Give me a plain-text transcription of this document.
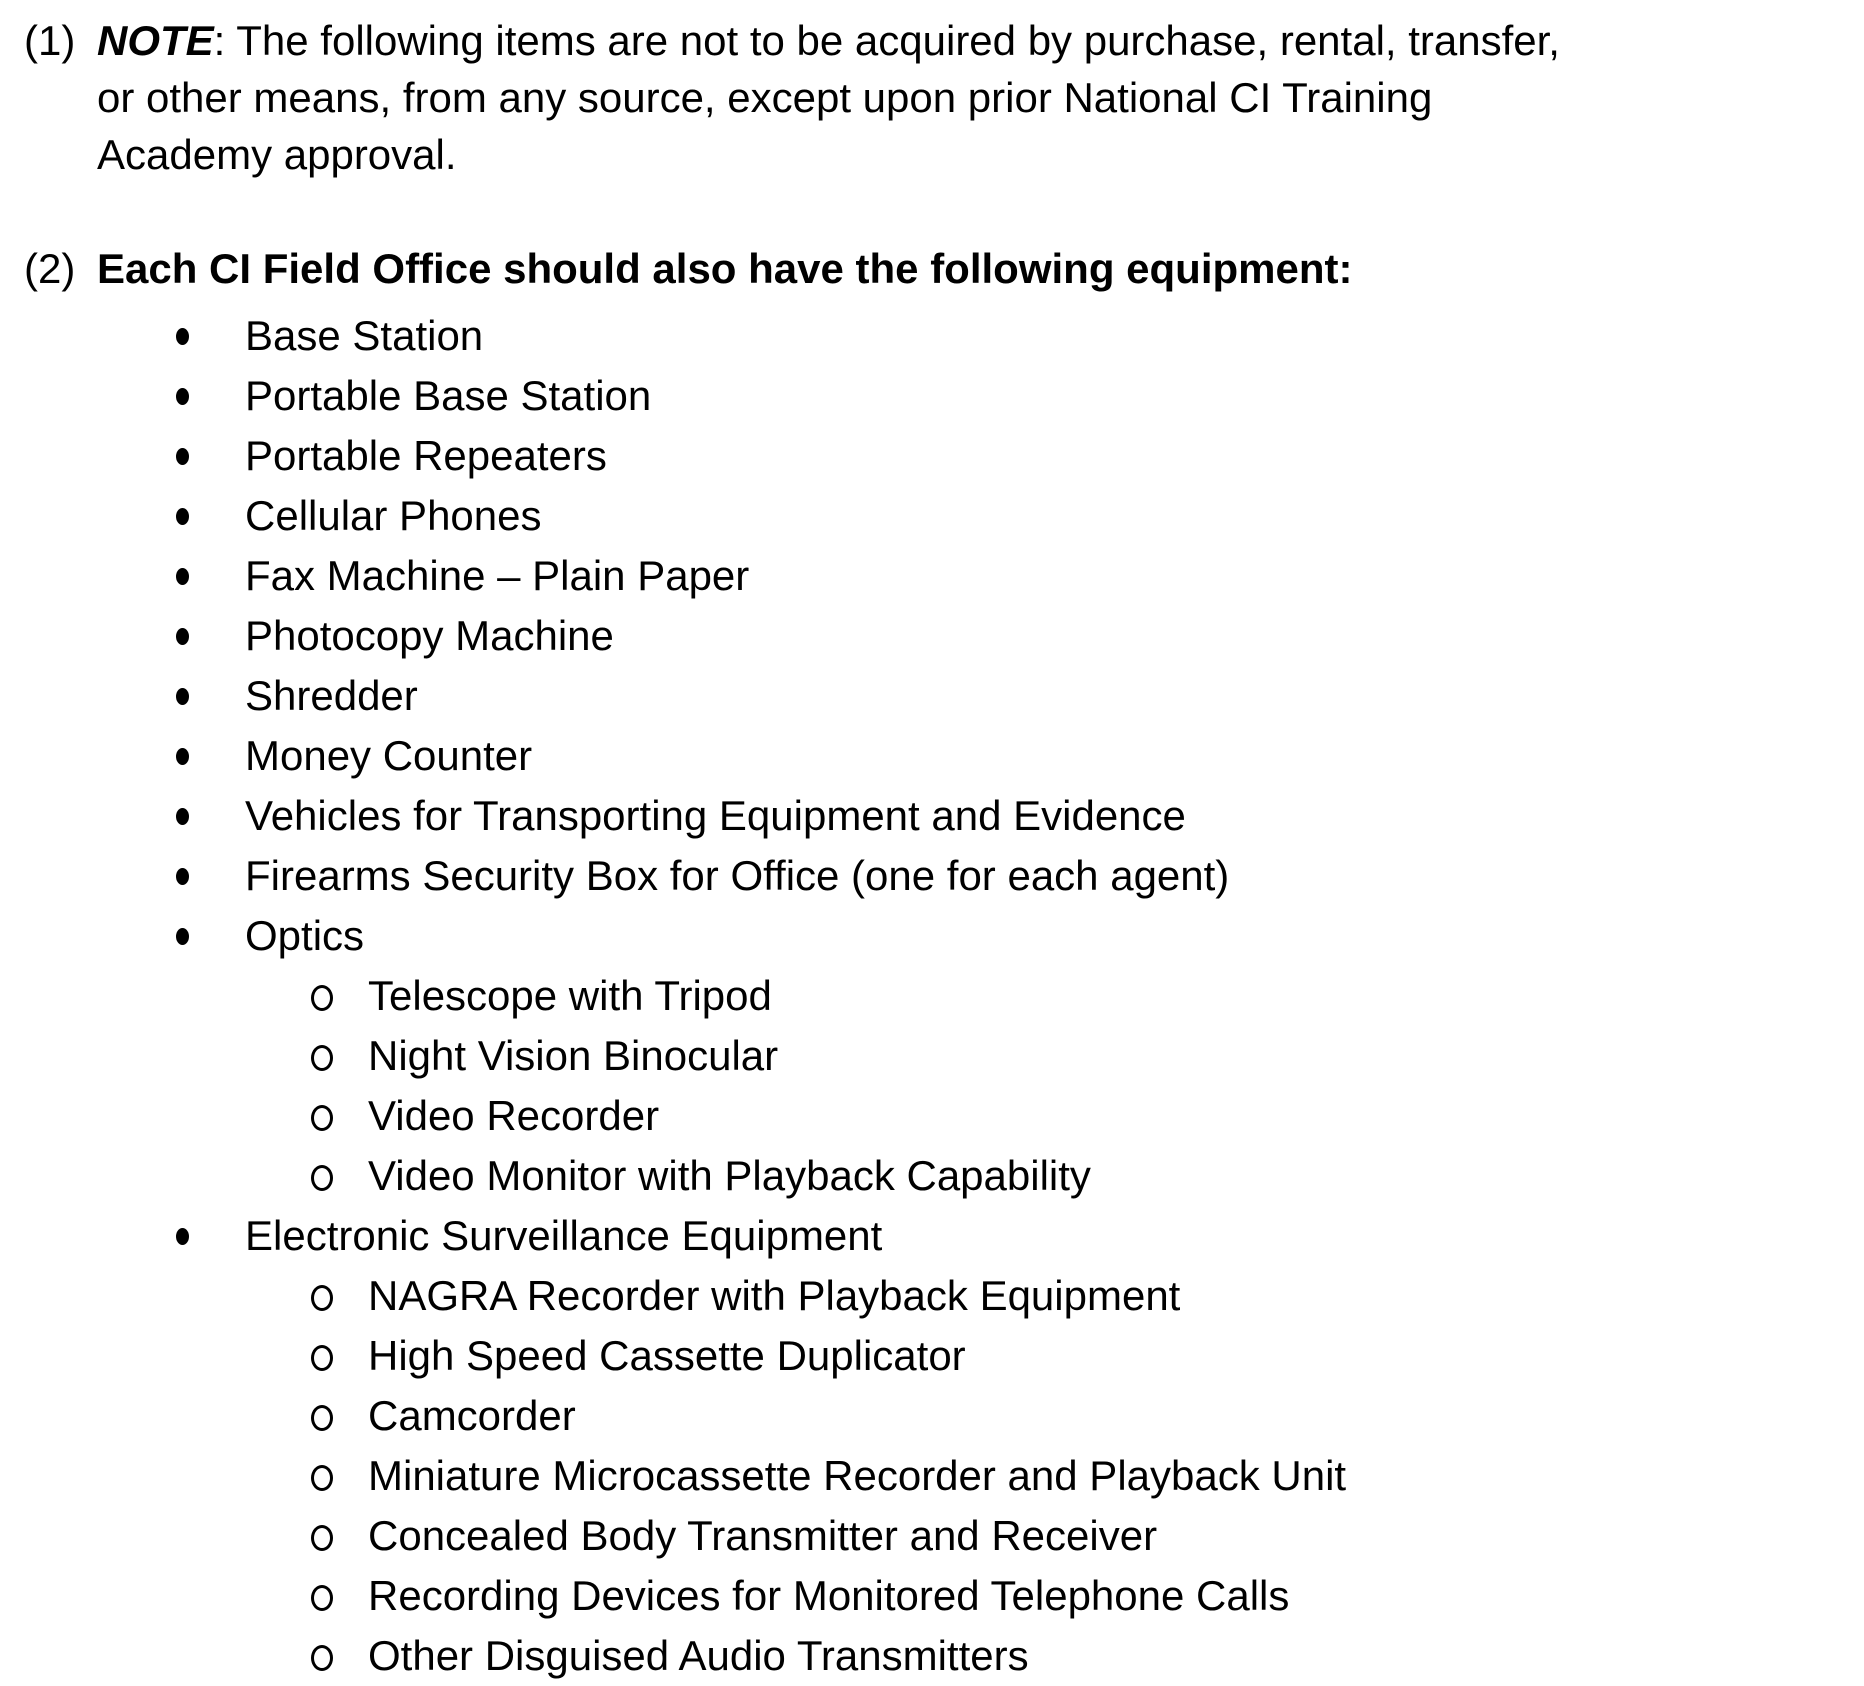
(1) NOTE: The following items are not to be acquired by purchase, rental, transfer,
or other means, from any source, except upon prior National CI Training
Academy approval.
(2) Each CI Field Office should also have the following equipment:
Base Station
Portable Base Station
Portable Repeaters
Cellular Phones
Fax Machine – Plain Paper
Photocopy Machine
Shredder
Money Counter
Vehicles for Transporting Equipment and Evidence
Firearms Security Box for Office (one for each agent)
Optics
Telescope with Tripod
Night Vision Binocular
Video Recorder
Video Monitor with Playback Capability
Electronic Surveillance Equipment
NAGRA Recorder with Playback Equipment
High Speed Cassette Duplicator
Camcorder
Miniature Microcassette Recorder and Playback Unit
Concealed Body Transmitter and Receiver
Recording Devices for Monitored Telephone Calls
Other Disguised Audio Transmitters
